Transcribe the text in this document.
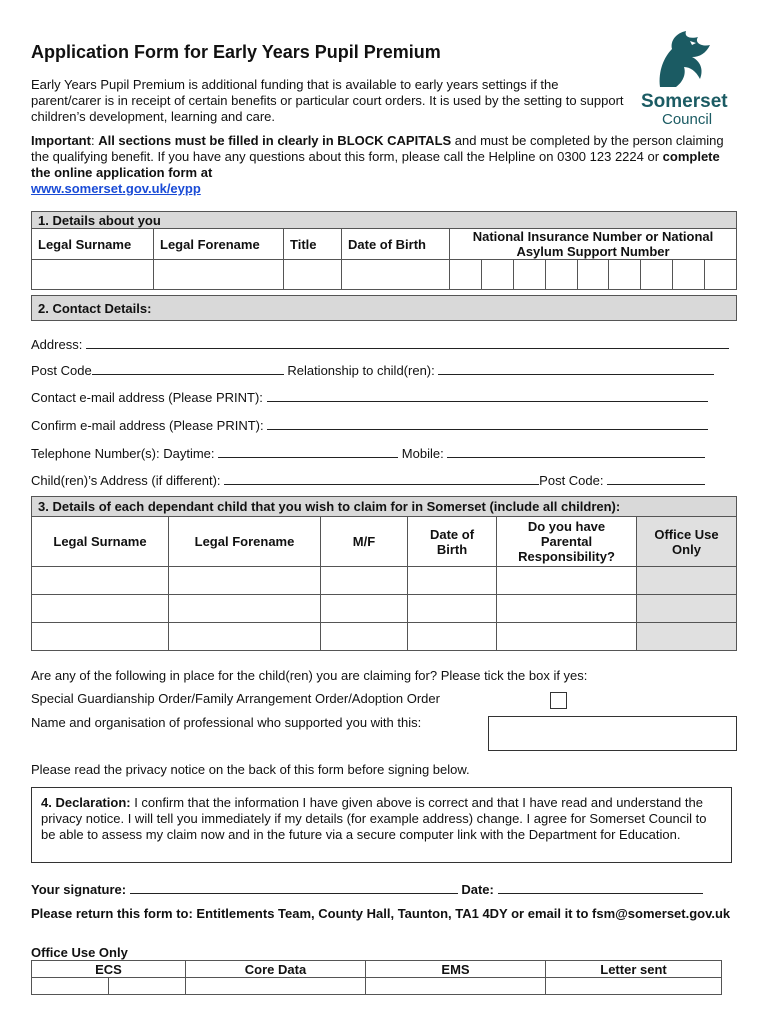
Application Form for Early Years Pupil Premium
Early Years Pupil Premium is additional funding that is available to early years settings if the parent/carer is in receipt of certain benefits or particular court orders. It is used by the setting to support children’s development, learning and care.
Somerset
Council
Important: All sections must be filled in clearly in BLOCK CAPITALS and must be completed by the person claiming the qualifying benefit. If you have any questions about this form, please call the Helpline on 0300 123 2224 or complete the online application form at
www.somerset.gov.uk/eypp
1. Details about you				
Legal Surname	Legal Forename	Title	Date of Birth	National Insurance Number or National Asylum Support Number

2. Contact Details:
Address:
Post Code	Relationship to child(ren):
Contact e-mail address (Please PRINT):
Confirm e-mail address (Please PRINT):
Telephone Number(s): Daytime:	Mobile:
Child(ren)’s Address (if different):	Post Code:
3. Details of each dependant child that you wish to claim for in Somerset (include all children):					
Legal Surname	Legal Forename	M/F	Date of Birth	Do you have Parental Responsibility?	Office Use Only

Are any of the following in place for the child(ren) you are claiming for? Please tick the box if yes:
Special Guardianship Order/Family Arrangement Order/Adoption Order
Name and organisation of professional who supported you with this:
Please read the privacy notice on the back of this form before signing below.
4. Declaration: I confirm that the information I have given above is correct and that I have read and understand the privacy notice. I will tell you immediately if my details (for example address) change. I agree for Somerset Council to be able to assess my claim now and in the future via a secure computer link with the Department for Education.
Your signature:	Date:
Please return this form to: Entitlements Team, County Hall, Taunton, TA1 4DY or email it to fsm@somerset.gov.uk
Office Use Only
ECS	Core Data	EMS	Letter sent
